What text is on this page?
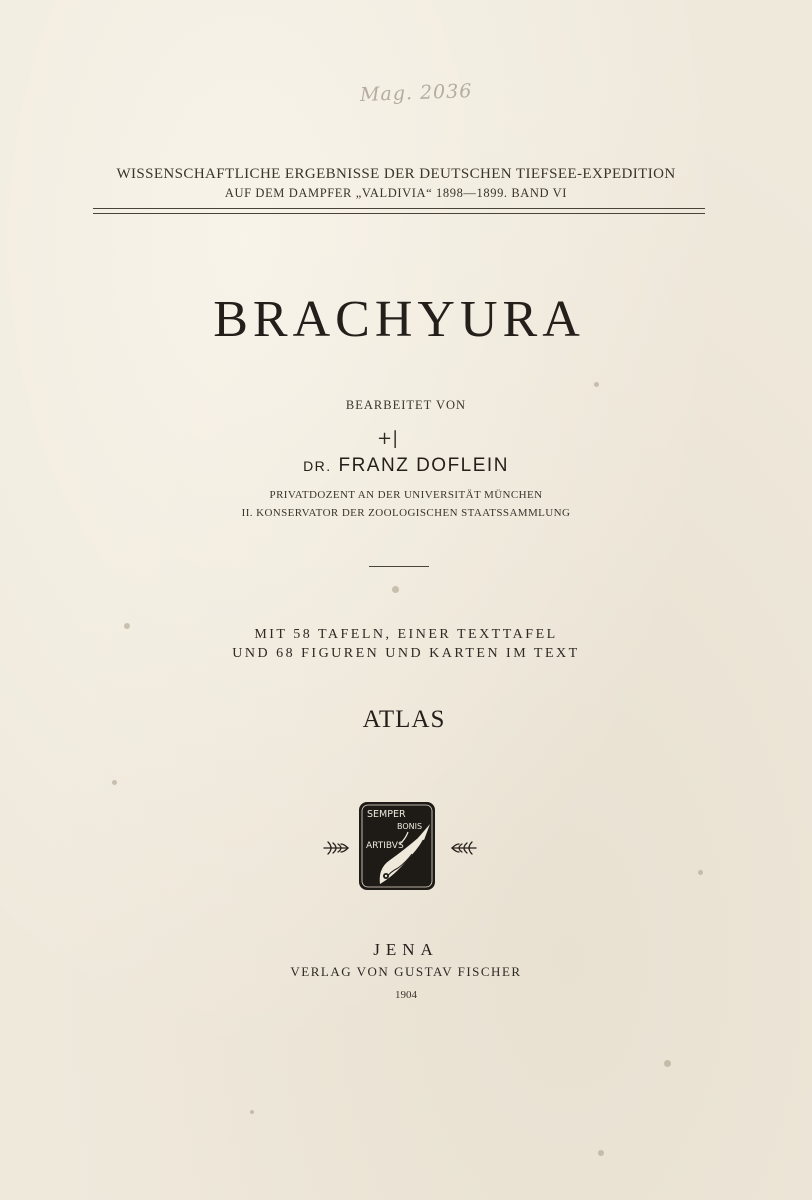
Mag. 2036
WISSENSCHAFTLICHE ERGEBNISSE DER DEUTSCHEN TIEFSEE-EXPEDITION
AUF DEM DAMPFER „VALDIVIA“ 1898—1899. BAND VI
BRACHYURA
BEARBEITET VON
+|
DR. FRANZ DOFLEIN
PRIVATDOZENT AN DER UNIVERSITÄT MÜNCHEN
II. KONSERVATOR DER ZOOLOGISCHEN STAATSSAMMLUNG
MIT 58 TAFELN, EINER TEXTTAFEL
UND 68 FIGUREN UND KARTEN IM TEXT
ATLAS
SEMPER
BONIS
ARTIBVS
JENA
VERLAG VON GUSTAV FISCHER
1904
